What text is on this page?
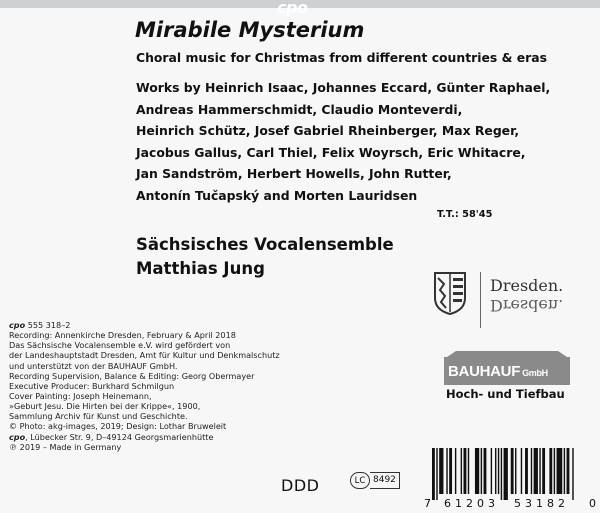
cpo
Mirabile Mysterium
Choral music for Christmas from different countries & eras
Works by Heinrich Isaac, Johannes Eccard, Günter Raphael,
Andreas Hammerschmidt, Claudio Monteverdi,
Heinrich Schütz, Josef Gabriel Rheinberger, Max Reger,
Jacobus Gallus, Carl Thiel, Felix Woyrsch, Eric Whitacre,
Jan Sandström, Herbert Howells, John Rutter,
Antonín Tučapský and Morten Lauridsen
T.T.: 58'45
Sächsisches Vocalensemble
Matthias Jung
Dresden.
Dresden.
BAUHAUF GmbH
Hoch- und Tiefbau
cpo 555 318–2
Recording: Annenkirche Dresden, February & April 2018
Das Sächsische Vocalensemble e.V. wird gefördert von
der Landeshauptstadt Dresden, Amt für Kultur und Denkmalschutz
und unterstützt von der BAUHAUF GmbH.
Recording Supervision, Balance & Editing: Georg Obermayer
Executive Producer: Burkhard Schmilgun
Cover Painting: Joseph Heinemann,
»Geburt Jesu. Die Hirten bei der Krippe«, 1900,
Sammlung Archiv für Kunst und Geschichte.
© Photo: akg-images, 2019; Design: Lothar Bruweleit
cpo, Lübecker Str. 9, D–49124 Georgsmarienhütte
℗ 2019 – Made in Germany
DDD	LC 8492
7 61203 53182 0
